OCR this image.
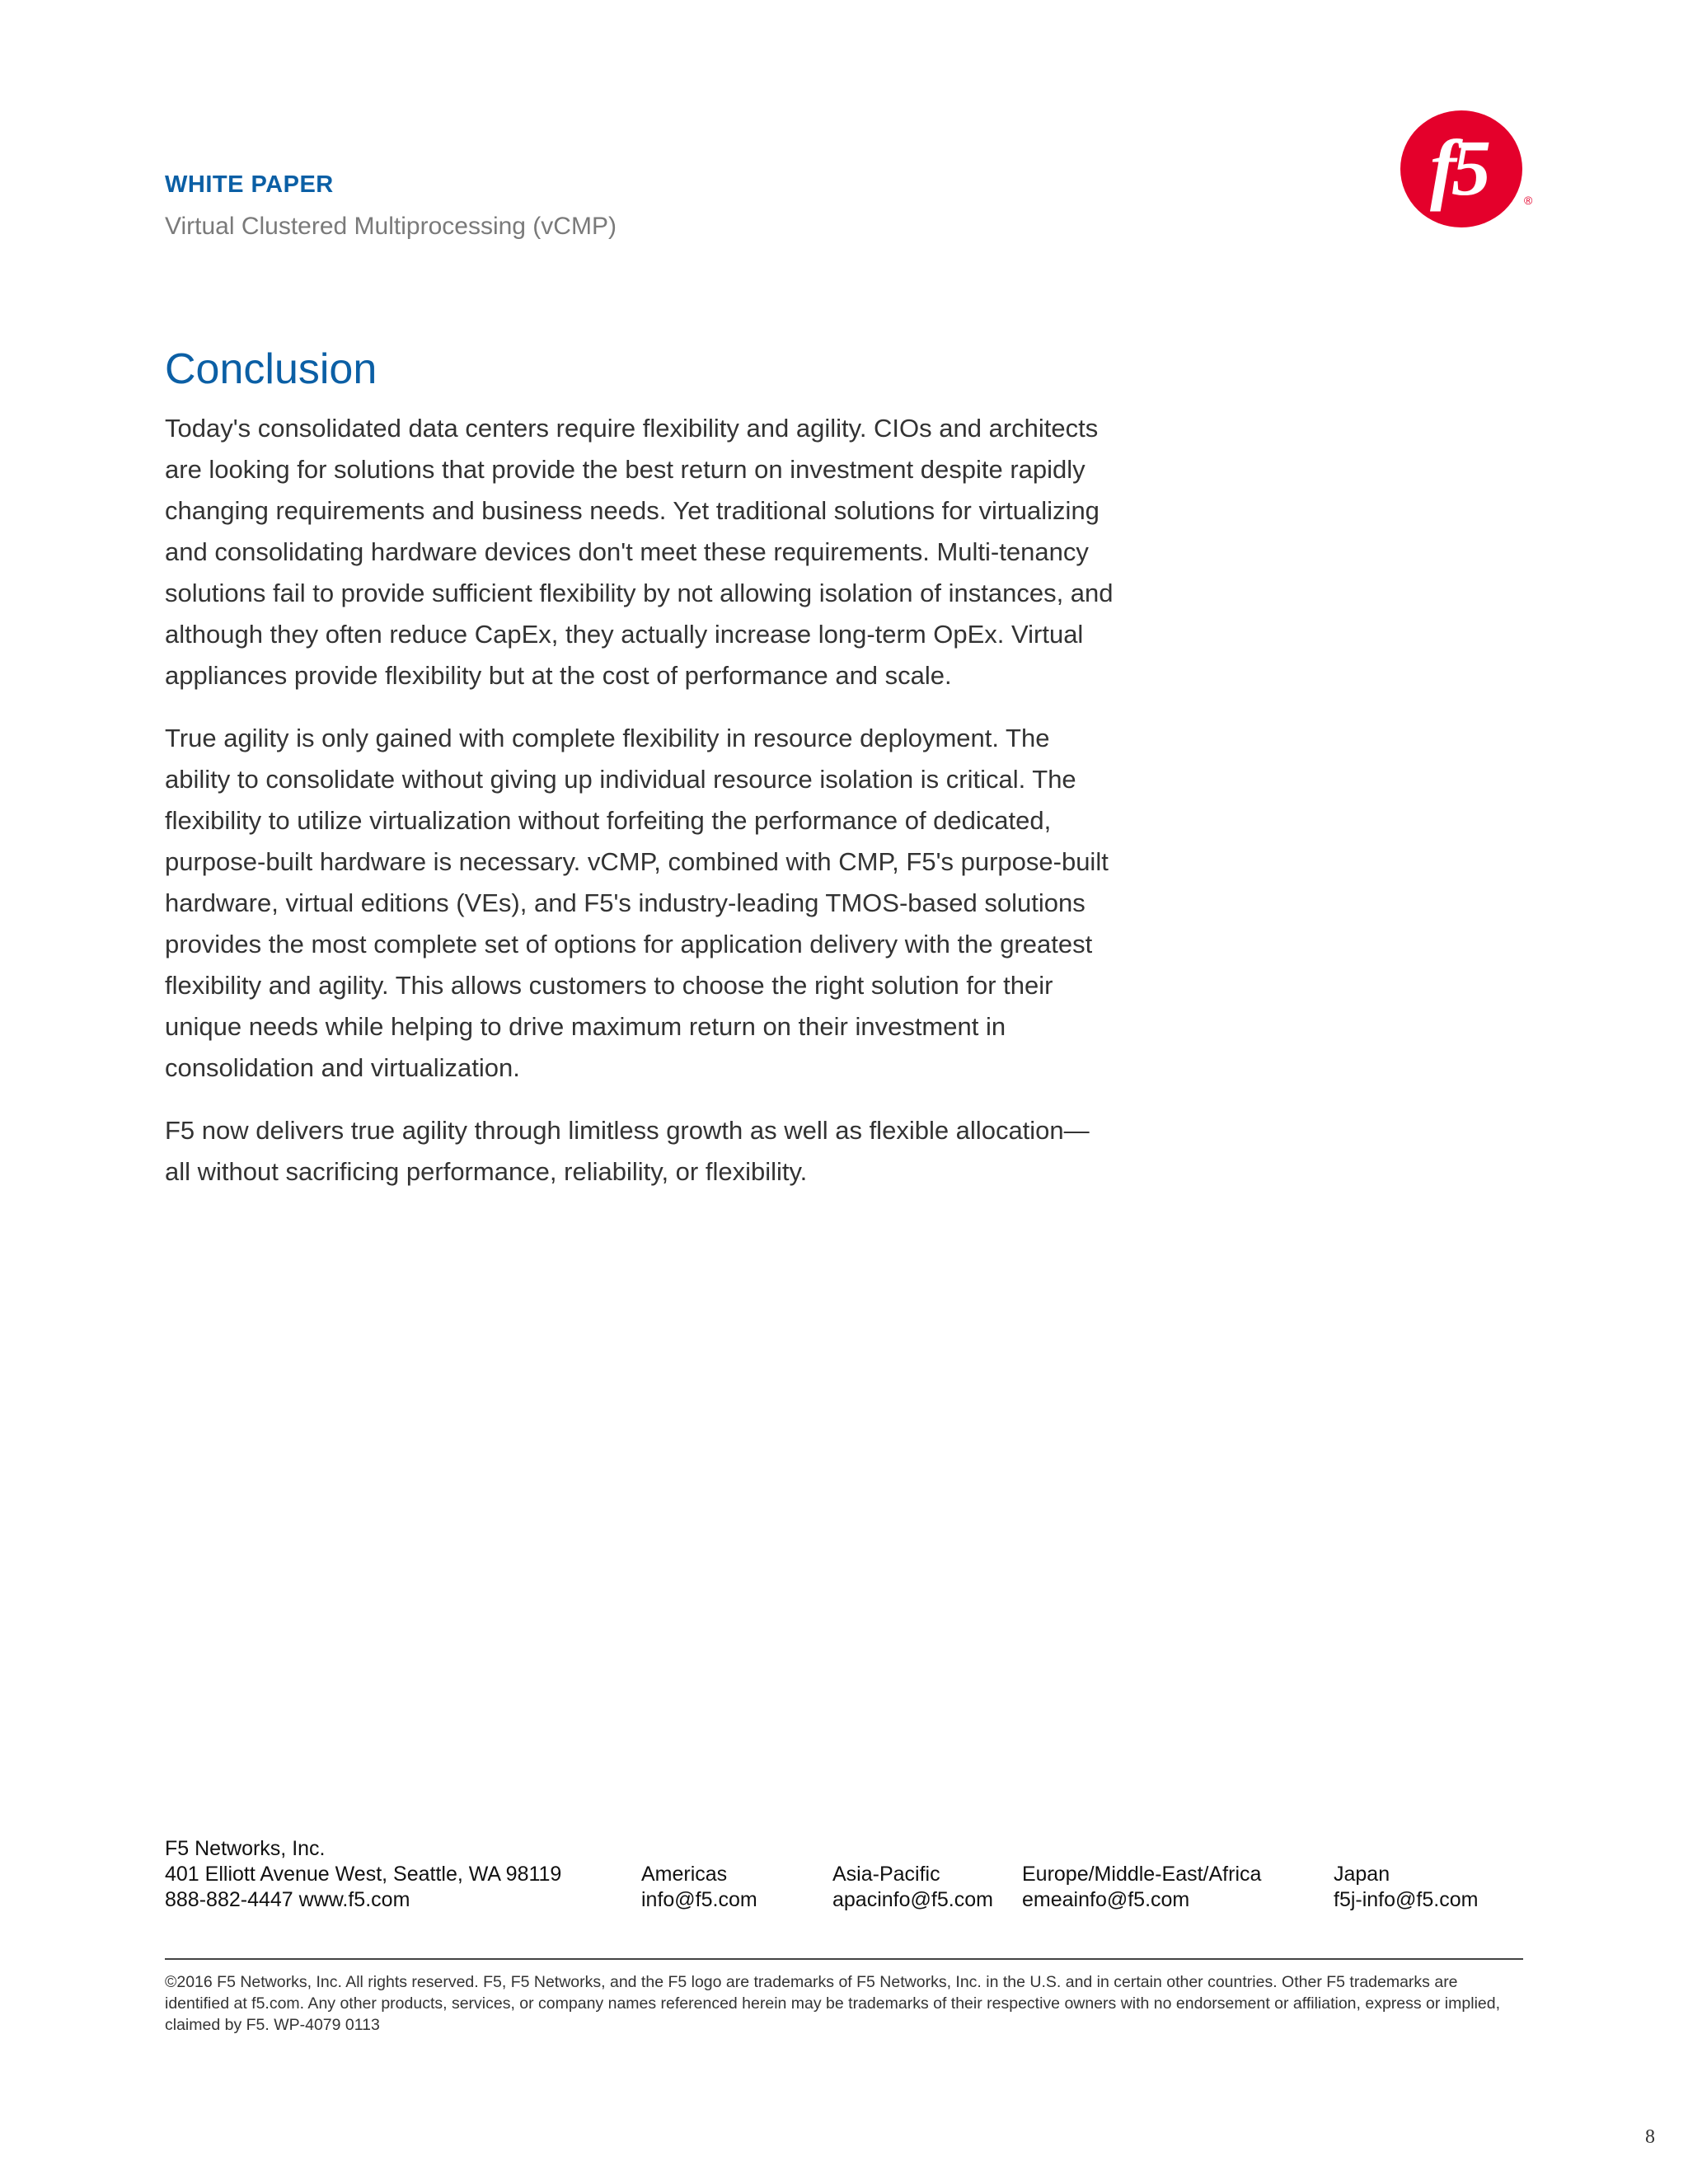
WHITE PAPER
Virtual Clustered Multiprocessing (vCMP)
f5	®
Conclusion

Today's consolidated data centers require flexibility and agility. CIOs and architects are looking for solutions that provide the best return on investment despite rapidly changing requirements and business needs. Yet traditional solutions for virtualizing and consolidating hardware devices don't meet these requirements. Multi-tenancy solutions fail to provide sufficient flexibility by not allowing isolation of instances, and although they often reduce CapEx, they actually increase long-term OpEx. Virtual appliances provide flexibility but at the cost of performance and scale.

True agility is only gained with complete flexibility in resource deployment. The ability to consolidate without giving up individual resource isolation is critical. The flexibility to utilize virtualization without forfeiting the performance of dedicated, purpose-built hardware is necessary. vCMP, combined with CMP, F5's purpose-built hardware, virtual editions (VEs), and F5's industry-leading TMOS-based solutions provides the most complete set of options for application delivery with the greatest flexibility and agility. This allows customers to choose the right solution for their unique needs while helping to drive maximum return on their investment in consolidation and virtualization.

F5 now delivers true agility through limitless growth as well as flexible allocation— all without sacrificing performance, reliability, or flexibility.

F5 Networks, Inc.
401 Elliott Avenue West, Seattle, WA 98119
888-882-4447 www.f5.com
Americas
info@f5.com
Asia-Pacific
apacinfo@f5.com
Europe/Middle-East/Africa
emeainfo@f5.com
Japan
f5j-info@f5.com
©2016 F5 Networks, Inc. All rights reserved. F5, F5 Networks, and the F5 logo are trademarks of F5 Networks, Inc. in the U.S. and in certain other countries. Other F5 trademarks are identified at f5.com. Any other products, services, or company names referenced herein may be trademarks of their respective owners with no endorsement or affiliation, express or implied, claimed by F5. WP-4079 0113
8
